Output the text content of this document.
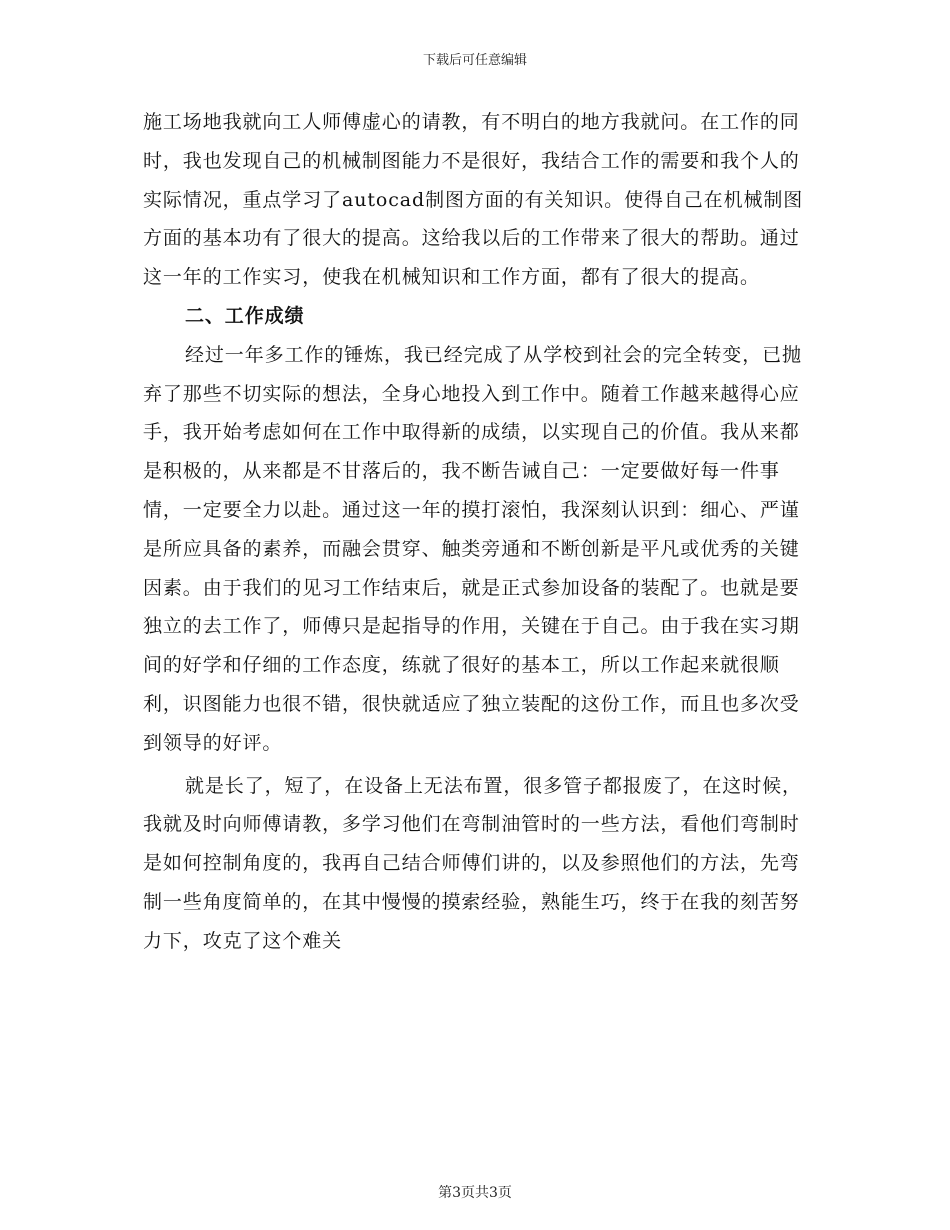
下载后可任意编辑

施工场地我就向工人师傅虚心的请教，有不明白的地方我就问。在工作的同时，我也发现自己的机械制图能力不是很好，我结合工作的需要和我个人的实际情况，重点学习了autocad制图方面的有关知识。使得自己在机械制图方面的基本功有了很大的提高。这给我以后的工作带来了很大的帮助。通过这一年的工作实习，使我在机械知识和工作方面，都有了很大的提高。

二、工作成绩

经过一年多工作的锤炼，我已经完成了从学校到社会的完全转变，已抛弃了那些不切实际的想法，全身心地投入到工作中。随着工作越来越得心应手，我开始考虑如何在工作中取得新的成绩，以实现自己的价值。我从来都是积极的，从来都是不甘落后的，我不断告诫自己：一定要做好每一件事情，一定要全力以赴。通过这一年的摸打滚怕，我深刻认识到：细心、严谨是所应具备的素养，而融会贯穿、触类旁通和不断创新是平凡或优秀的关键因素。由于我们的见习工作结束后，就是正式参加设备的装配了。也就是要独立的去工作了，师傅只是起指导的作用，关键在于自己。由于我在实习期间的好学和仔细的工作态度，练就了很好的基本工，所以工作起来就很顺利，识图能力也很不错，很快就适应了独立装配的这份工作，而且也多次受到领导的好评。

就是长了，短了，在设备上无法布置，很多管子都报废了，在这时候，我就及时向师傅请教，多学习他们在弯制油管时的一些方法，看他们弯制时是如何控制角度的，我再自己结合师傅们讲的，以及参照他们的方法，先弯制一些角度简单的，在其中慢慢的摸索经验，熟能生巧，终于在我的刻苦努力下，攻克了这个难关

第3页共3页
